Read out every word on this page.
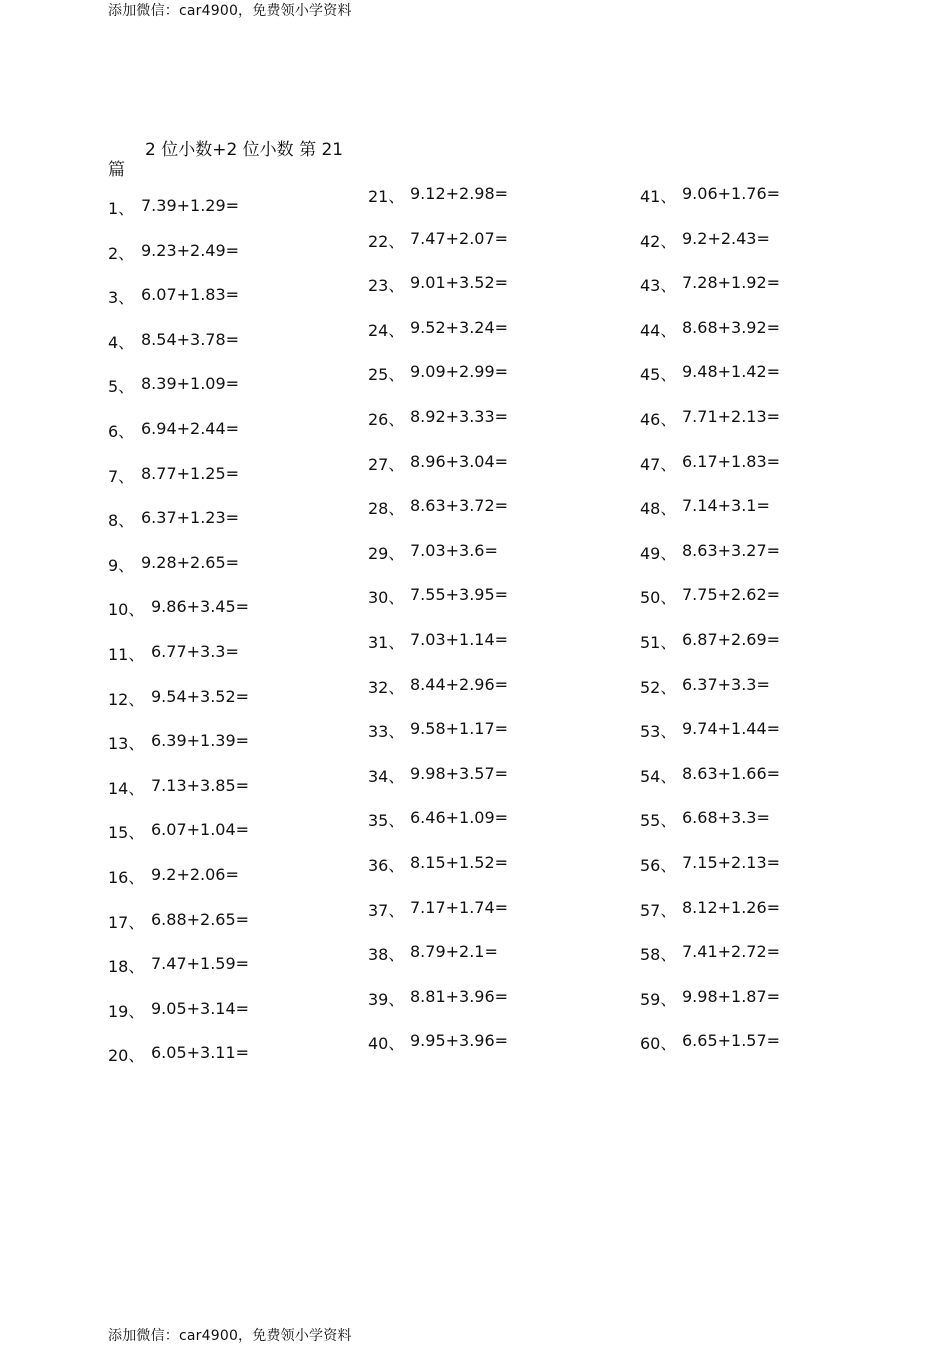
添加微信：car4900，免费领小学资料
2 位小数+2 位小数 第 21
篇
1、 7.39+1.29=
2、 9.23+2.49=
3、 6.07+1.83=
4、 8.54+3.78=
5、 8.39+1.09=
6、 6.94+2.44=
7、 8.77+1.25=
8、 6.37+1.23=
9、 9.28+2.65=
10、 9.86+3.45=
11、 6.77+3.3=
12、 9.54+3.52=
13、 6.39+1.39=
14、 7.13+3.85=
15、 6.07+1.04=
16、 9.2+2.06=
17、 6.88+2.65=
18、 7.47+1.59=
19、 9.05+3.14=
20、 6.05+3.11=
21、 9.12+2.98=
22、 7.47+2.07=
23、 9.01+3.52=
24、 9.52+3.24=
25、 9.09+2.99=
26、 8.92+3.33=
27、 8.96+3.04=
28、 8.63+3.72=
29、 7.03+3.6=
30、 7.55+3.95=
31、 7.03+1.14=
32、 8.44+2.96=
33、 9.58+1.17=
34、 9.98+3.57=
35、 6.46+1.09=
36、 8.15+1.52=
37、 7.17+1.74=
38、 8.79+2.1=
39、 8.81+3.96=
40、 9.95+3.96=
41、 9.06+1.76=
42、 9.2+2.43=
43、 7.28+1.92=
44、 8.68+3.92=
45、 9.48+1.42=
46、 7.71+2.13=
47、 6.17+1.83=
48、 7.14+3.1=
49、 8.63+3.27=
50、 7.75+2.62=
51、 6.87+2.69=
52、 6.37+3.3=
53、 9.74+1.44=
54、 8.63+1.66=
55、 6.68+3.3=
56、 7.15+2.13=
57、 8.12+1.26=
58、 7.41+2.72=
59、 9.98+1.87=
60、 6.65+1.57=
添加微信：car4900，免费领小学资料
